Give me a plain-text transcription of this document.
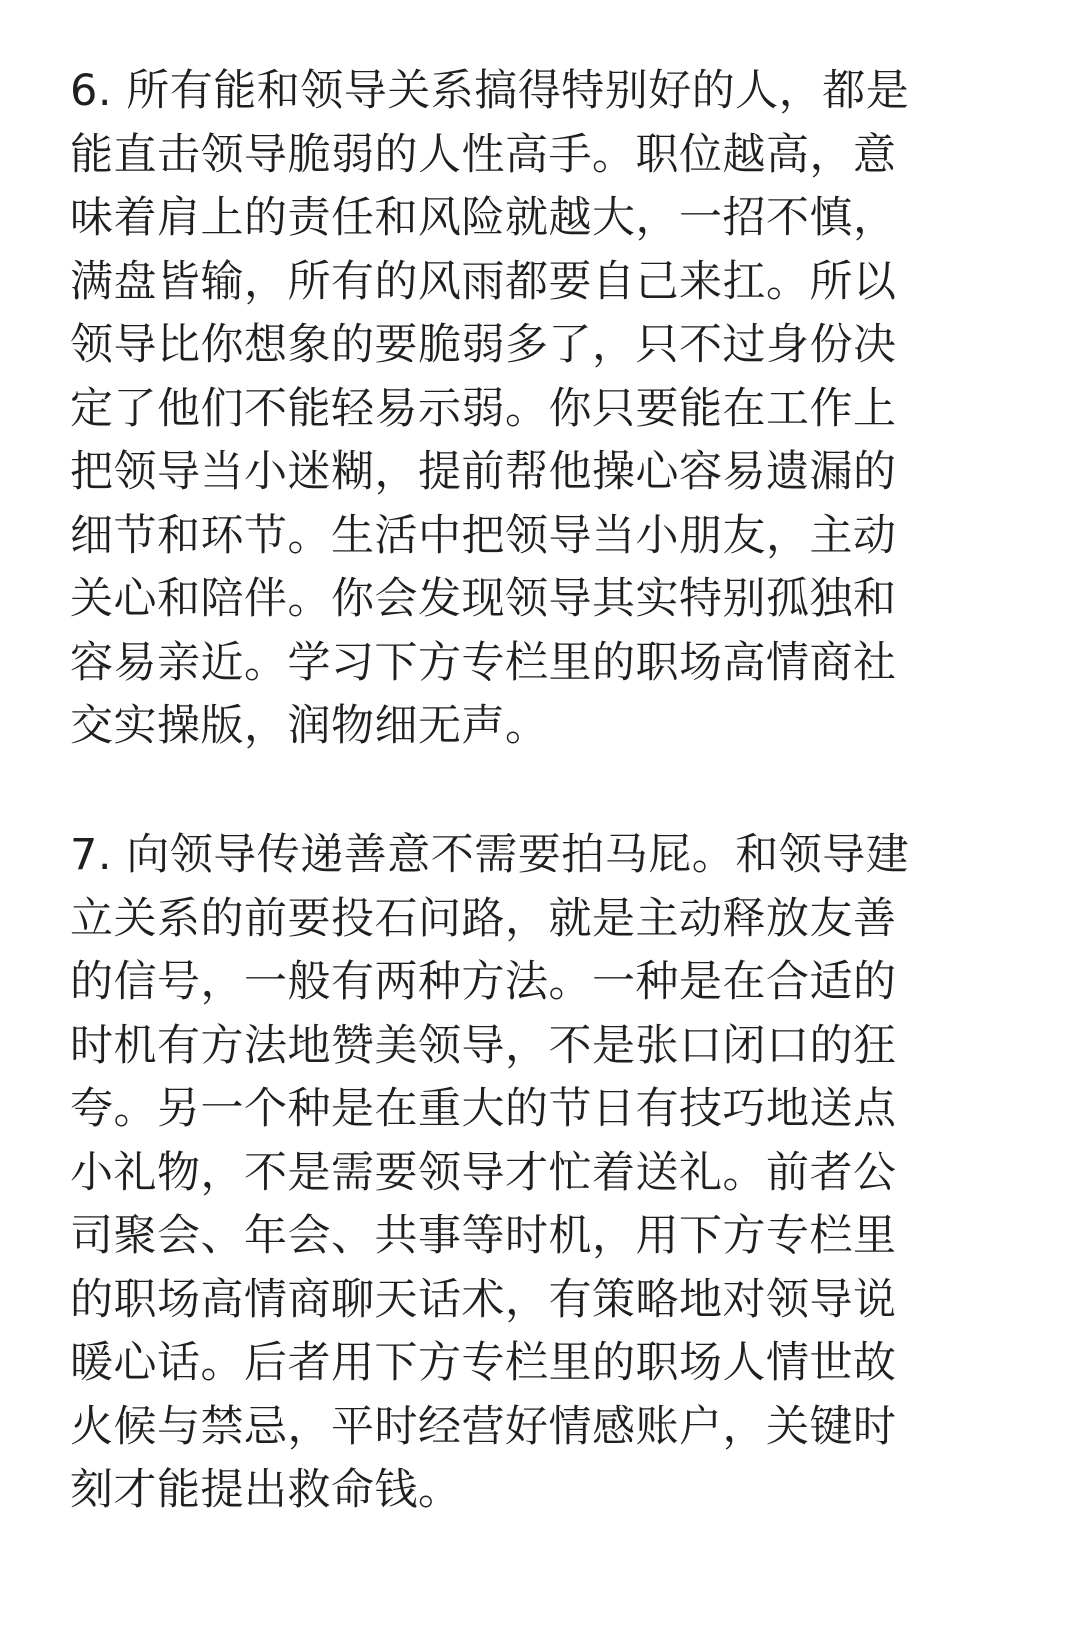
6. 所有能和领导关系搞得特别好的人，都是
能直击领导脆弱的人性高手。职位越高，意
味着肩上的责任和风险就越大，一招不慎，
满盘皆输，所有的风雨都要自己来扛。所以
领导比你想象的要脆弱多了，只不过身份决
定了他们不能轻易示弱。你只要能在工作上
把领导当小迷糊，提前帮他操心容易遗漏的
细节和环节。生活中把领导当小朋友，主动
关心和陪伴。你会发现领导其实特别孤独和
容易亲近。学习下方专栏里的职场高情商社
交实操版，润物细无声。
7. 向领导传递善意不需要拍马屁。和领导建
立关系的前要投石问路，就是主动释放友善
的信号，一般有两种方法。一种是在合适的
时机有方法地赞美领导，不是张口闭口的狂
夸。另一个种是在重大的节日有技巧地送点
小礼物，不是需要领导才忙着送礼。前者公
司聚会、年会、共事等时机，用下方专栏里
的职场高情商聊天话术，有策略地对领导说
暖心话。后者用下方专栏里的职场人情世故
火候与禁忌，平时经营好情感账户，关键时
刻才能提出救命钱。
